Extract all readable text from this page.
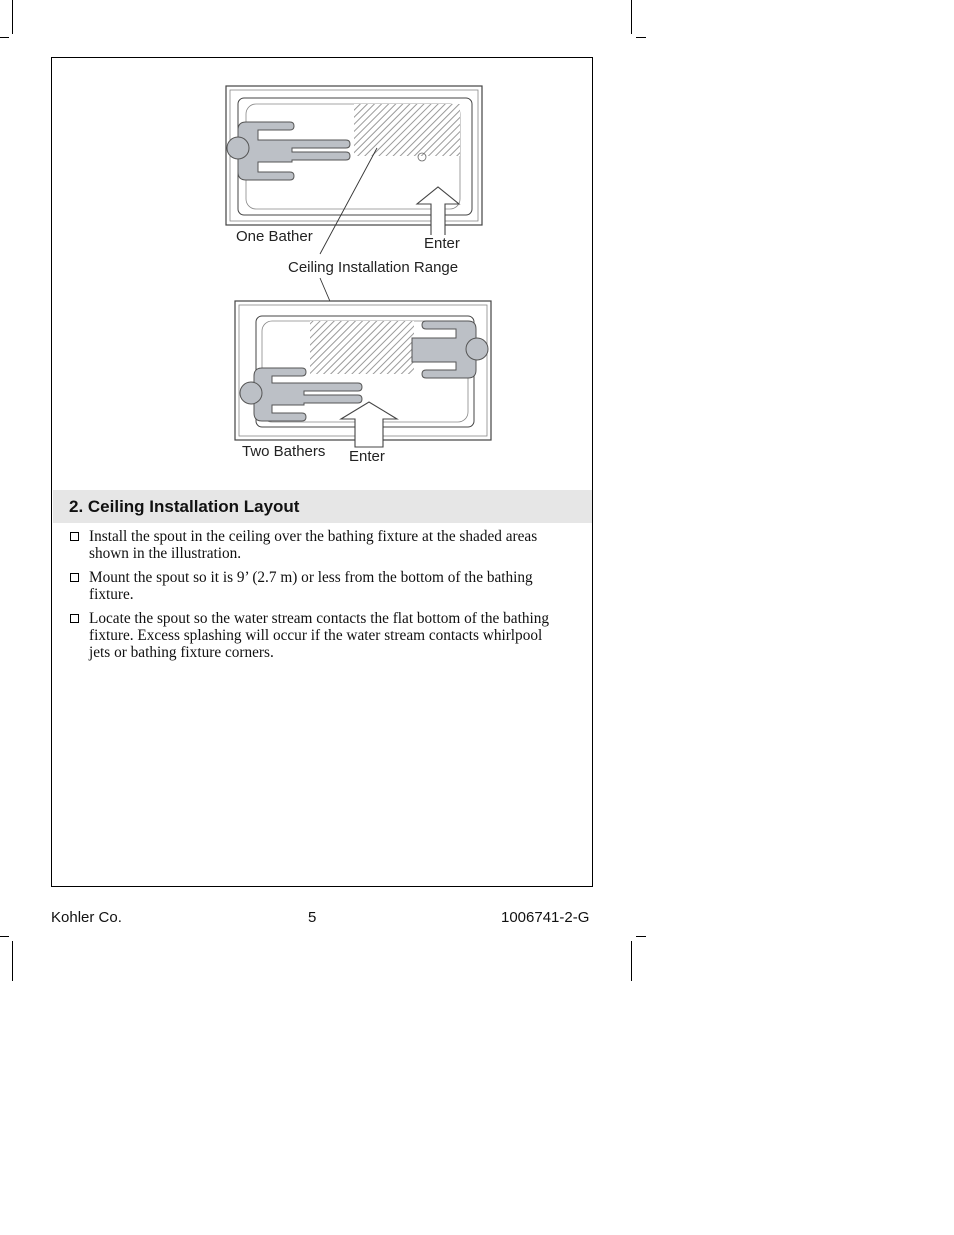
One Bather	Enter
Ceiling Installation Range
Two Bathers Enter
2. Ceiling Installation Layout
Install the spout in the ceiling over the bathing fixture at the shaded areas shown in the illustration.
Mount the spout so it is 9’ (2.7 m) or less from the bottom of the bathing fixture.
Locate the spout so the water stream contacts the flat bottom of the bathing fixture. Excess splashing will occur if the water stream contacts whirlpool jets or bathing fixture corners.
Kohler Co.	5	1006741-2-G
